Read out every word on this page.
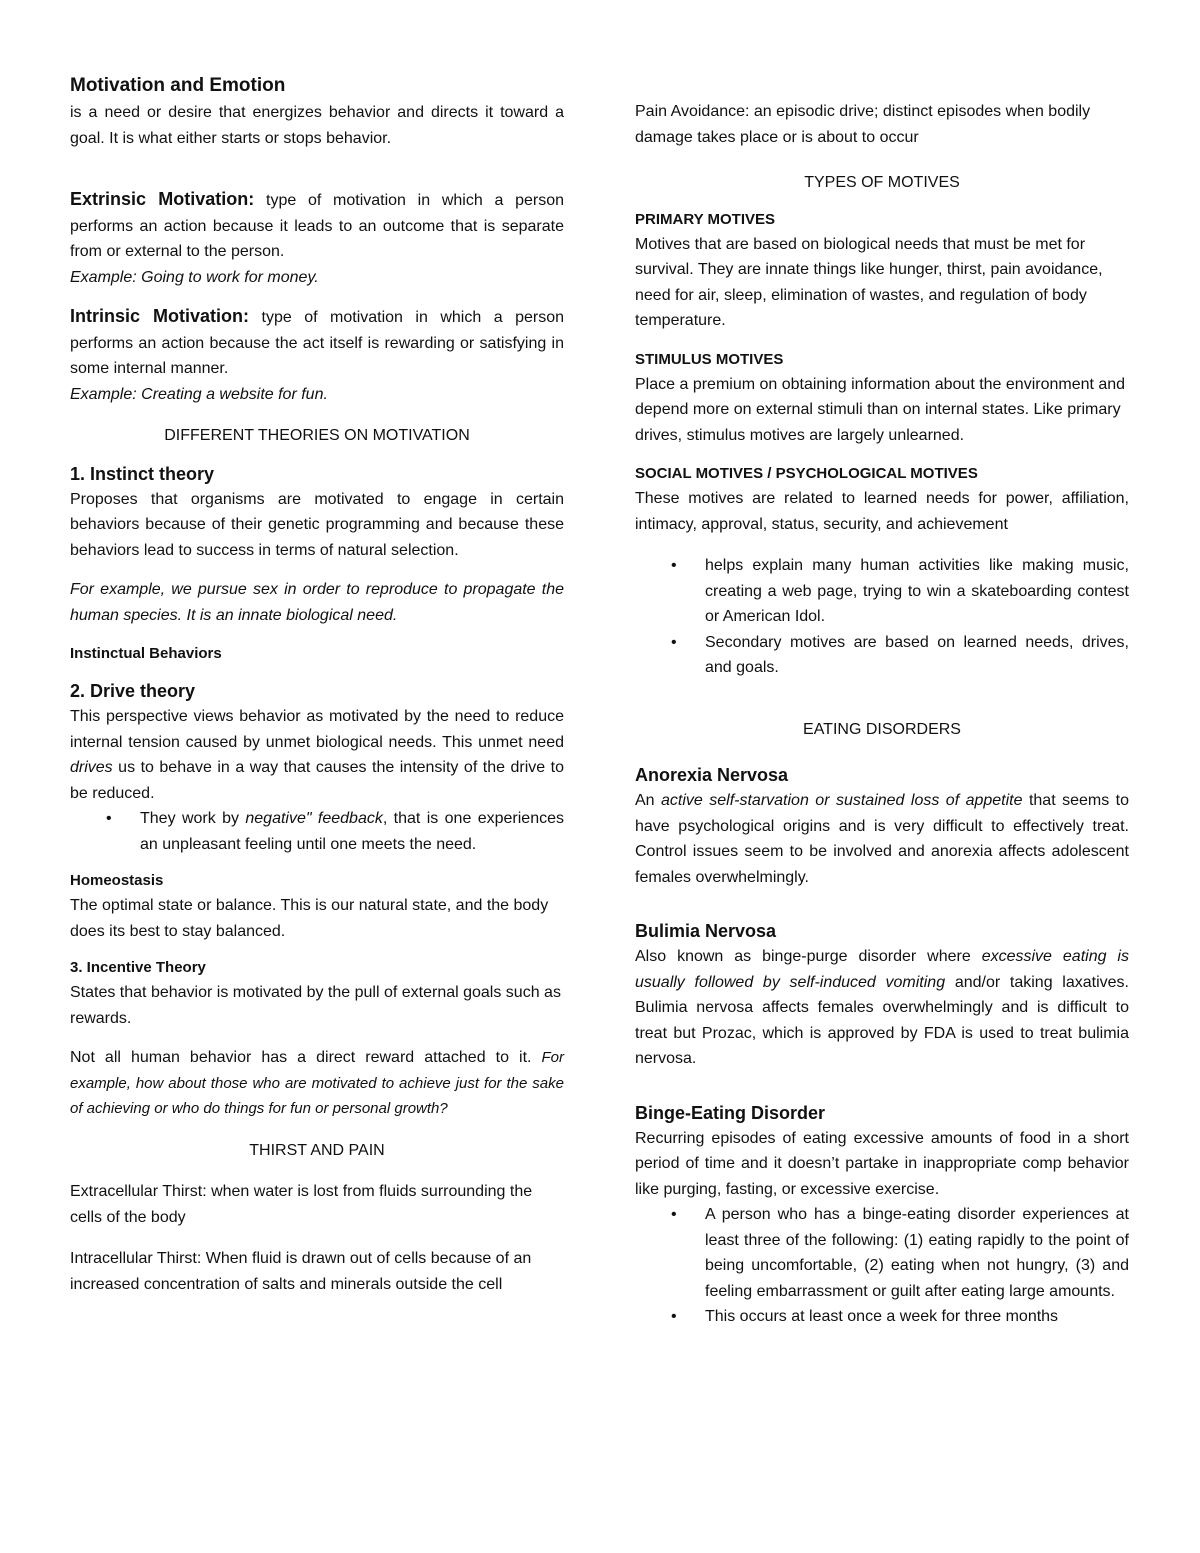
Motivation and Emotion

is a need or desire that energizes behavior and directs it toward a goal. It is what either starts or stops behavior.

Extrinsic Motivation: type of motivation in which a person performs an action because it leads to an outcome that is separate from or external to the person.

Example: Going to work for money.

Intrinsic Motivation: type of motivation in which a person performs an action because the act itself is rewarding or satisfying in some internal manner.

Example: Creating a website for fun.

DIFFERENT THEORIES ON MOTIVATION

1. Instinct theory

Proposes that organisms are motivated to engage in certain behaviors because of their genetic programming and because these behaviors lead to success in terms of natural selection.

For example, we pursue sex in order to reproduce to propagate the human species. It is an innate biological need.

Instinctual Behaviors

2. Drive theory

This perspective views behavior as motivated by the need to reduce internal tension caused by unmet biological needs. This unmet need drives us to behave in a way that causes the intensity of the drive to be reduced.

• They work by negative" feedback, that is one experiences an unpleasant feeling until one meets the need.

Homeostasis

The optimal state or balance. This is our natural state, and the body does its best to stay balanced.

3. Incentive Theory

States that behavior is motivated by the pull of external goals such as rewards.

Not all human behavior has a direct reward attached to it. For example, how about those who are motivated to achieve just for the sake of achieving or who do things for fun or personal growth?

THIRST AND PAIN

Extracellular Thirst: when water is lost from fluids surrounding the cells of the body

Intracellular Thirst: When fluid is drawn out of cells because of an increased concentration of salts and minerals outside the cell

Pain Avoidance: an episodic drive; distinct episodes when bodily damage takes place or is about to occur

TYPES OF MOTIVES

PRIMARY MOTIVES

Motives that are based on biological needs that must be met for survival. They are innate things like hunger, thirst, pain avoidance, need for air, sleep, elimination of wastes, and regulation of body temperature.

STIMULUS MOTIVES

Place a premium on obtaining information about the environment and depend more on external stimuli than on internal states. Like primary drives, stimulus motives are largely unlearned.

SOCIAL MOTIVES / PSYCHOLOGICAL MOTIVES

These motives are related to learned needs for power, affiliation, intimacy, approval, status, security, and achievement

• helps explain many human activities like making music, creating a web page, trying to win a skateboarding contest or American Idol.
• Secondary motives are based on learned needs, drives, and goals.

EATING DISORDERS

Anorexia Nervosa

An active self-starvation or sustained loss of appetite that seems to have psychological origins and is very difficult to effectively treat. Control issues seem to be involved and anorexia affects adolescent females overwhelmingly.

Bulimia Nervosa

Also known as binge-purge disorder where excessive eating is usually followed by self-induced vomiting and/or taking laxatives. Bulimia nervosa affects females overwhelmingly and is difficult to treat but Prozac, which is approved by FDA is used to treat bulimia nervosa.

Binge-Eating Disorder

Recurring episodes of eating excessive amounts of food in a short period of time and it doesn’t partake in inappropriate comp behavior like purging, fasting, or excessive exercise.

• A person who has a binge-eating disorder experiences at least three of the following: (1) eating rapidly to the point of being uncomfortable, (2) eating when not hungry, (3) and feeling embarrassment or guilt after eating large amounts.
• This occurs at least once a week for three months
